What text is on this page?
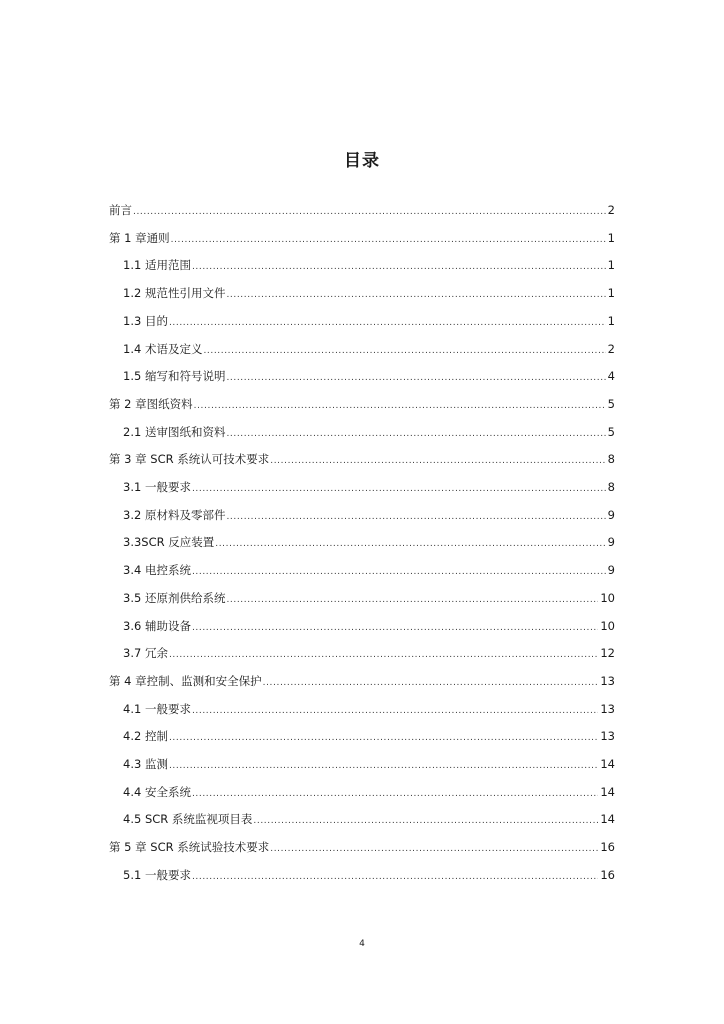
目录
前言 .....	2
第 1 章通则 .....	1
1.1 适用范围 .....	1
1.2 规范性引用文件 .....	1
1.3 目的 .....	1
1.4 术语及定义 .....	2
1.5 缩写和符号说明 .....	4
第 2 章图纸资料 .....	5
2.1 送审图纸和资料 .....	5
第 3 章 SCR 系统认可技术要求 .....	8
3.1 一般要求 .....	8
3.2 原材料及零部件 .....	9
3.3SCR 反应装置 .....	9
3.4 电控系统 .....	9
3.5 还原剂供给系统 .....	10
3.6 辅助设备 .....	10
3.7 冗余 .....	12
第 4 章控制、监测和安全保护 .....	13
4.1 一般要求 .....	13
4.2 控制 .....	13
4.3 监测 .....	14
4.4 安全系统 .....	14
4.5 SCR 系统监视项目表 .....	14
第 5 章 SCR 系统试验技术要求 .....	16
5.1 一般要求 .....	16
4
